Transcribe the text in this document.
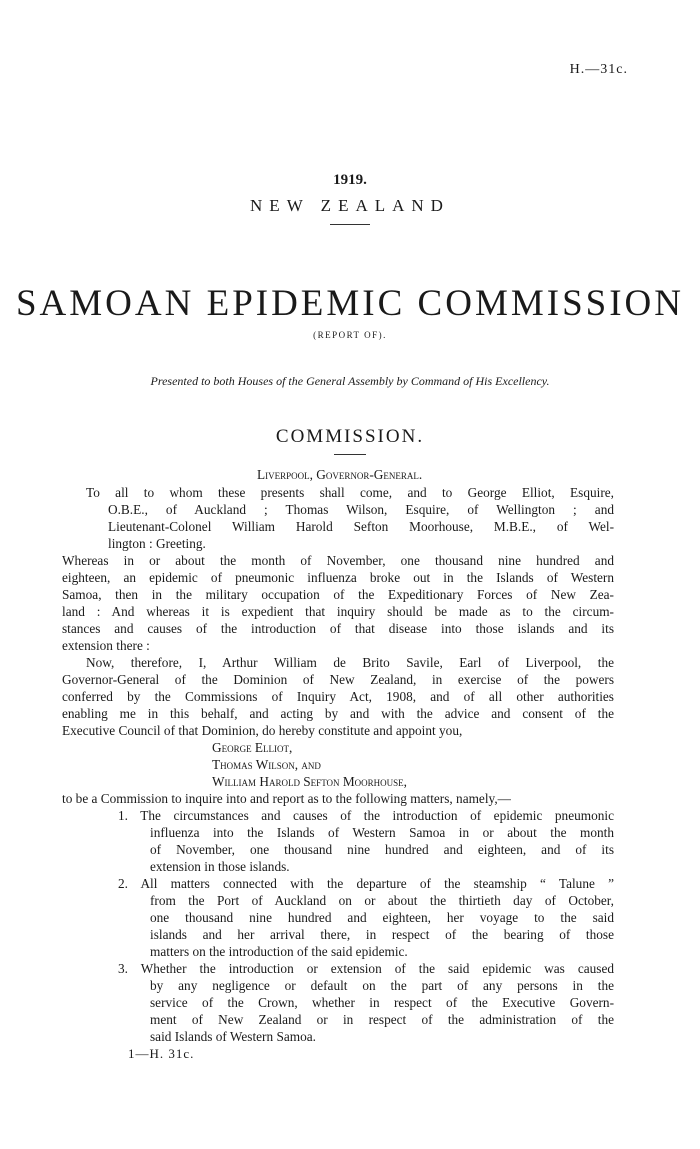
H.—31c.
1919.
NEW ZEALAND
SAMOAN EPIDEMIC COMMISSION
(REPORT OF).
Presented to both Houses of the General Assembly by Command of His Excellency.
COMMISSION.
Liverpool, Governor-General.
To all to whom these presents shall come, and to George Elliot, Esquire,
O.B.E., of Auckland ; Thomas Wilson, Esquire, of Wellington ; and
Lieutenant-Colonel William Harold Sefton Moorhouse, M.B.E., of Wel-
lington : Greeting.
Whereas in or about the month of November, one thousand nine hundred and
eighteen, an epidemic of pneumonic influenza broke out in the Islands of Western
Samoa, then in the military occupation of the Expeditionary Forces of New Zea-
land : And whereas it is expedient that inquiry should be made as to the circum-
stances and causes of the introduction of that disease into those islands and its
extension there :
Now, therefore, I, Arthur William de Brito Savile, Earl of Liverpool, the
Governor-General of the Dominion of New Zealand, in exercise of the powers
conferred by the Commissions of Inquiry Act, 1908, and of all other authorities
enabling me in this behalf, and acting by and with the advice and consent of the
Executive Council of that Dominion, do hereby constitute and appoint you,
George Elliot,
Thomas Wilson, and
William Harold Sefton Moorhouse,
to be a Commission to inquire into and report as to the following matters, namely,—
1. The circumstances and causes of the introduction of epidemic pneumonic
influenza into the Islands of Western Samoa in or about the month
of November, one thousand nine hundred and eighteen, and of its
extension in those islands.
2. All matters connected with the departure of the steamship “ Talune ”
from the Port of Auckland on or about the thirtieth day of October,
one thousand nine hundred and eighteen, her voyage to the said
islands and her arrival there, in respect of the bearing of those
matters on the introduction of the said epidemic.
3. Whether the introduction or extension of the said epidemic was caused
by any negligence or default on the part of any persons in the
service of the Crown, whether in respect of the Executive Govern-
ment of New Zealand or in respect of the administration of the
said Islands of Western Samoa.
1—H. 31c.
